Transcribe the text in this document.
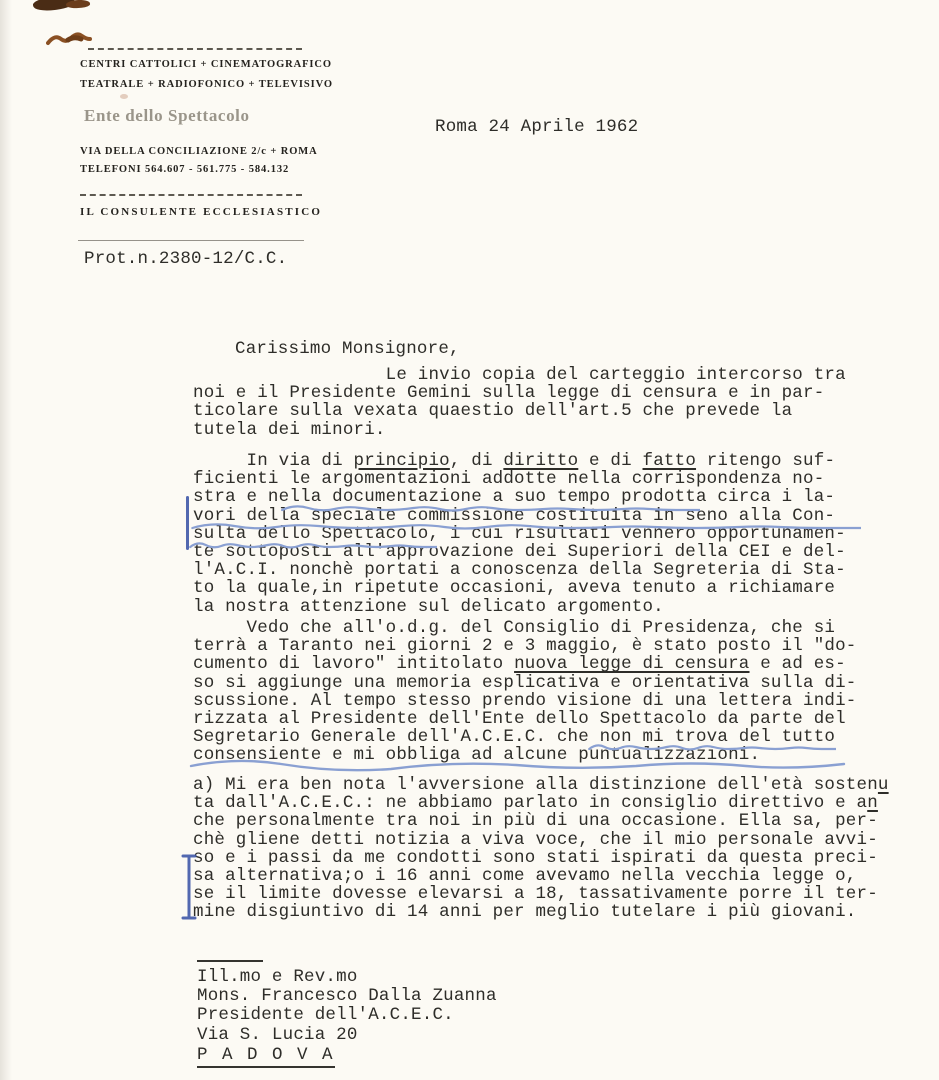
CENTRI CATTOLICI + CINEMATOGRAFICO
TEATRALE + RADIOFONICO + TELEVISIVO
Ente dello Spettacolo
VIA DELLA CONCILIAZIONE 2/c + ROMA
TELEFONI 564.607 - 561.775 - 584.132
IL CONSULENTE ECCLESIASTICO
Prot.n.2380-12/C.C.
Roma 24 Aprile 1962
Carissimo Monsignore,
Le invio copia del carteggio intercorso tra
noi e il Presidente Gemini sulla legge di censura e in par-
ticolare sulla vexata quaestio dell'art.5 che prevede la
tutela dei minori.
In via di principio, di diritto e di fatto ritengo suf-
ficienti le argomentazioni addotte nella corrispondenza no-
stra e nella documentazione a suo tempo prodotta circa i la-
vori della speciale commissione costituita in seno alla Con-
sulta dello Spettacolo, i cui risultati vennero opportunamen-
te sottoposti all'approvazione dei Superiori della CEI e del-
l'A.C.I. nonchè portati a conoscenza della Segreteria di Sta-
to la quale,in ripetute occasioni, aveva tenuto a richiamare
la nostra attenzione sul delicato argomento.
Vedo che all'o.d.g. del Consiglio di Presidenza, che si
terrà a Taranto nei giorni 2 e 3 maggio, è stato posto il "do-
cumento di lavoro" intitolato nuova legge di censura e ad es-
so si aggiunge una memoria esplicativa e orientativa sulla di-
scussione. Al tempo stesso prendo visione di una lettera indi-
rizzata al Presidente dell'Ente dello Spettacolo da parte del
Segretario Generale dell'A.C.E.C. che non mi trova del tutto
consensiente e mi obbliga ad alcune puntualizzazioni.
a) Mi era ben nota l'avversione alla distinzione dell'età sostenu
ta dall'A.C.E.C.: ne abbiamo parlato in consiglio direttivo e an
che personalmente tra noi in più di una occasione. Ella sa, per-
chè gliene detti notizia a viva voce, che il mio personale avvi-
so e i passi da me condotti sono stati ispirati da questa preci-
sa alternativa;o i 16 anni come avevamo nella vecchia legge o,
se il limite dovesse elevarsi a 18, tassativamente porre il ter-
mine disgiuntivo di 14 anni per meglio tutelare i più giovani.
Ill.mo e Rev.mo
Mons. Francesco Dalla Zuanna
Presidente dell'A.C.E.C.
Via S. Lucia 20
P A D O V A
